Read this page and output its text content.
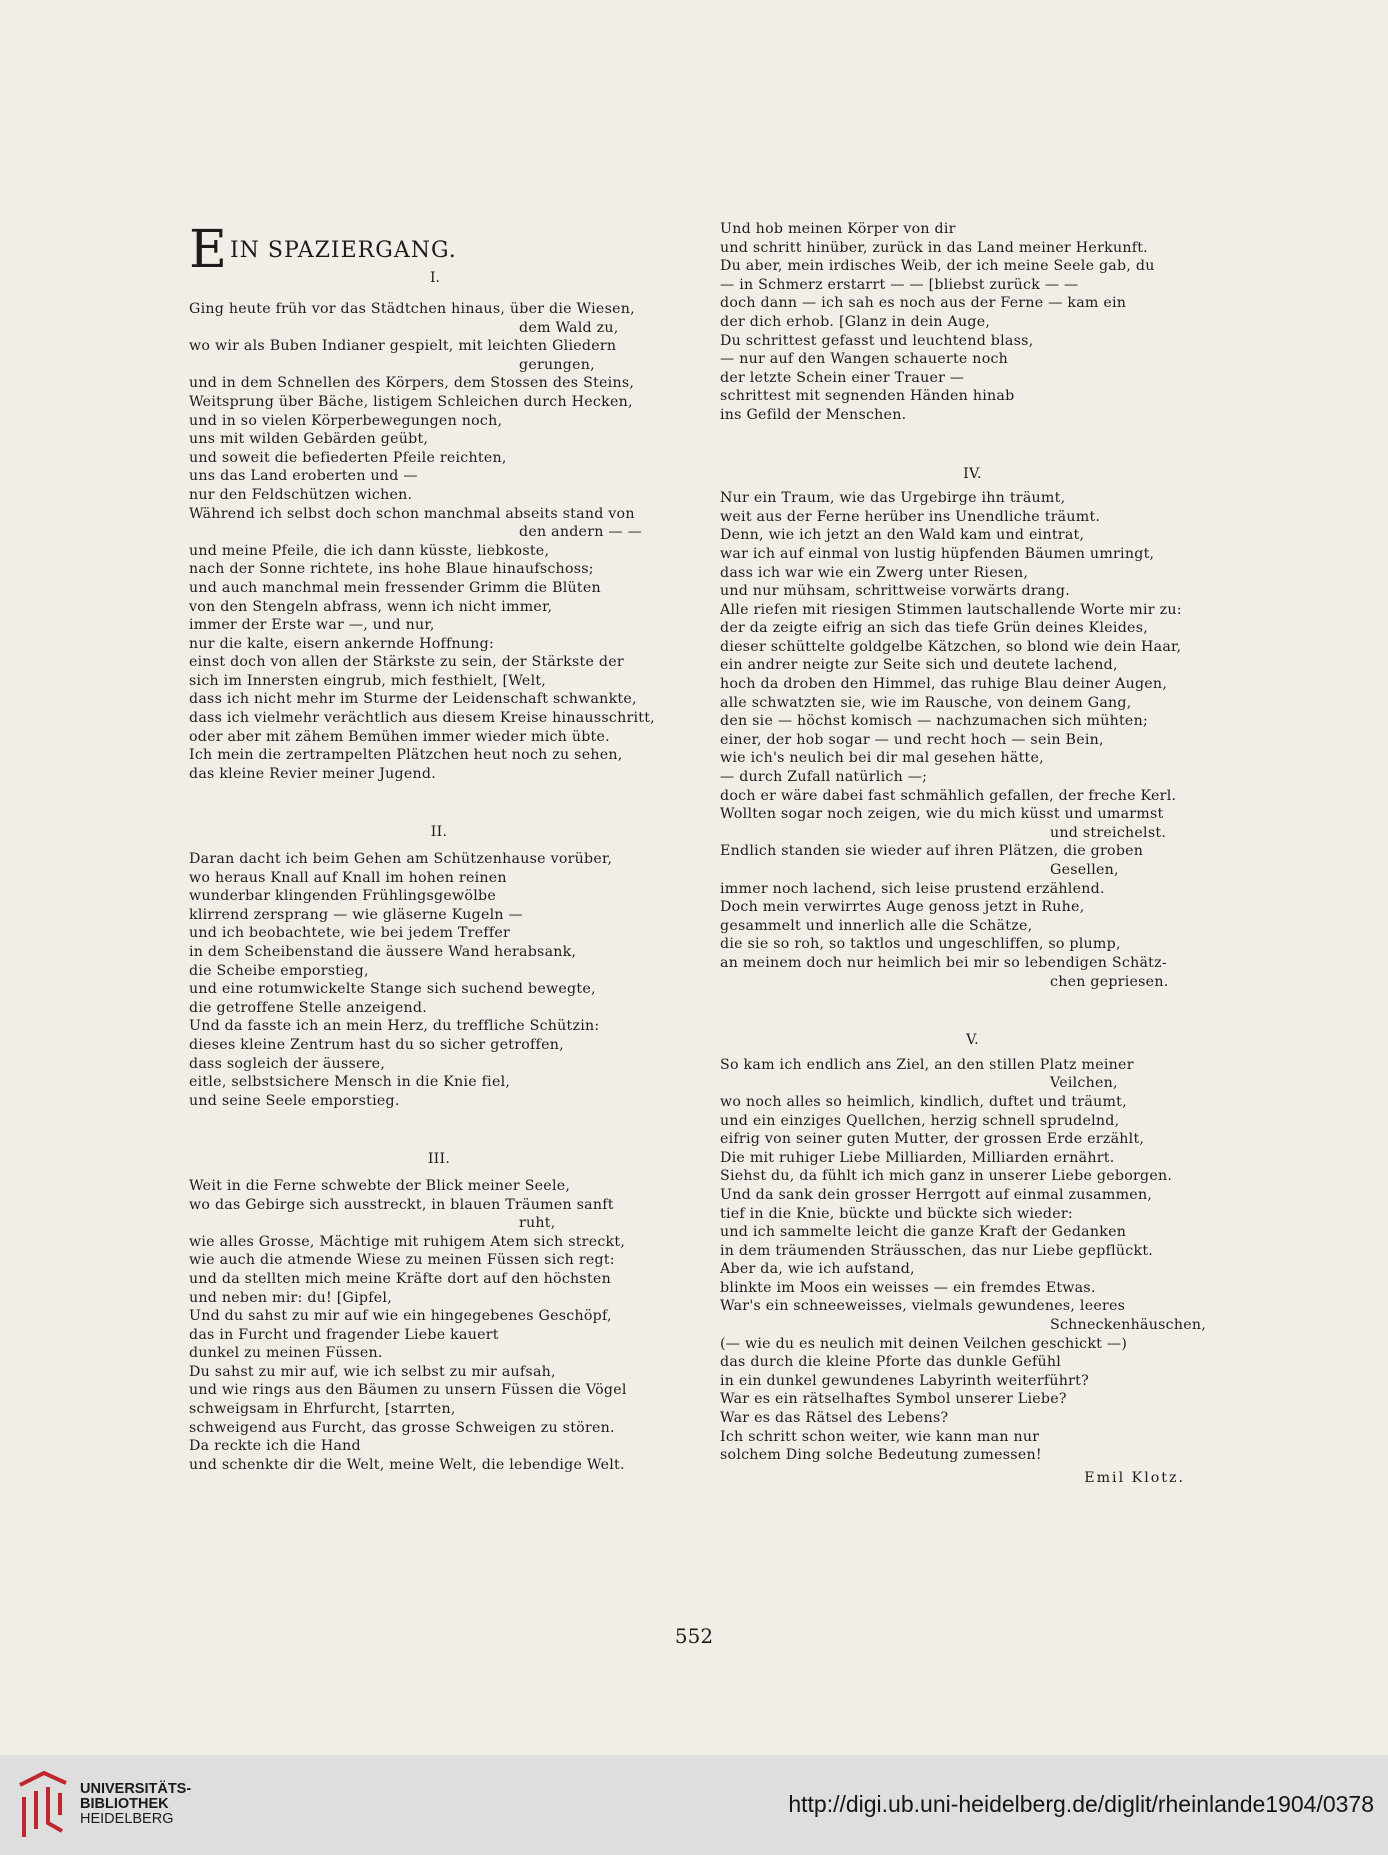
EIN SPAZIERGANG.
I.
Ging heute früh vor das Städtchen hinaus, über die Wiesen,
dem Wald zu,
wo wir als Buben Indianer gespielt, mit leichten Gliedern
gerungen,
und in dem Schnellen des Körpers, dem Stossen des Steins,
Weitsprung über Bäche, listigem Schleichen durch Hecken,
und in so vielen Körperbewegungen noch,
uns mit wilden Gebärden geübt,
und soweit die befiederten Pfeile reichten,
uns das Land eroberten und —
nur den Feldschützen wichen.
Während ich selbst doch schon manchmal abseits stand von
den andern — —
und meine Pfeile, die ich dann küsste, liebkoste,
nach der Sonne richtete, ins hohe Blaue hinaufschoss;
und auch manchmal mein fressender Grimm die Blüten
von den Stengeln abfrass, wenn ich nicht immer,
immer der Erste war —, und nur,
nur die kalte, eisern ankernde Hoffnung:
einst doch von allen der Stärkste zu sein, der Stärkste der
sich im Innersten eingrub, mich festhielt, [Welt,
dass ich nicht mehr im Sturme der Leidenschaft schwankte,
dass ich vielmehr verächtlich aus diesem Kreise hinausschritt,
oder aber mit zähem Bemühen immer wieder mich übte.
Ich mein die zertrampelten Plätzchen heut noch zu sehen,
das kleine Revier meiner Jugend.
II.
Daran dacht ich beim Gehen am Schützenhause vorüber,
wo heraus Knall auf Knall im hohen reinen
wunderbar klingenden Frühlingsgewölbe
klirrend zersprang — wie gläserne Kugeln —
und ich beobachtete, wie bei jedem Treffer
in dem Scheibenstand die äussere Wand herabsank,
die Scheibe emporstieg,
und eine rotumwickelte Stange sich suchend bewegte,
die getroffene Stelle anzeigend.
Und da fasste ich an mein Herz, du treffliche Schützin:
dieses kleine Zentrum hast du so sicher getroffen,
dass sogleich der äussere,
eitle, selbstsichere Mensch in die Knie fiel,
und seine Seele emporstieg.
III.
Weit in die Ferne schwebte der Blick meiner Seele,
wo das Gebirge sich ausstreckt, in blauen Träumen sanft
ruht,
wie alles Grosse, Mächtige mit ruhigem Atem sich streckt,
wie auch die atmende Wiese zu meinen Füssen sich regt:
und da stellten mich meine Kräfte dort auf den höchsten
und neben mir: du! [Gipfel,
Und du sahst zu mir auf wie ein hingegebenes Geschöpf,
das in Furcht und fragender Liebe kauert
dunkel zu meinen Füssen.
Du sahst zu mir auf, wie ich selbst zu mir aufsah,
und wie rings aus den Bäumen zu unsern Füssen die Vögel
schweigsam in Ehrfurcht, [starrten,
schweigend aus Furcht, das grosse Schweigen zu stören.
Da reckte ich die Hand
und schenkte dir die Welt, meine Welt, die lebendige Welt.
Und hob meinen Körper von dir
und schritt hinüber, zurück in das Land meiner Herkunft.
Du aber, mein irdisches Weib, der ich meine Seele gab, du
— in Schmerz erstarrt — — [bliebst zurück — —
doch dann — ich sah es noch aus der Ferne — kam ein
der dich erhob. [Glanz in dein Auge,
Du schrittest gefasst und leuchtend blass,
— nur auf den Wangen schauerte noch
der letzte Schein einer Trauer —
schrittest mit segnenden Händen hinab
ins Gefild der Menschen.
IV.
Nur ein Traum, wie das Urgebirge ihn träumt,
weit aus der Ferne herüber ins Unendliche träumt.
Denn, wie ich jetzt an den Wald kam und eintrat,
war ich auf einmal von lustig hüpfenden Bäumen umringt,
dass ich war wie ein Zwerg unter Riesen,
und nur mühsam, schrittweise vorwärts drang.
Alle riefen mit riesigen Stimmen lautschallende Worte mir zu:
der da zeigte eifrig an sich das tiefe Grün deines Kleides,
dieser schüttelte goldgelbe Kätzchen, so blond wie dein Haar,
ein andrer neigte zur Seite sich und deutete lachend,
hoch da droben den Himmel, das ruhige Blau deiner Augen,
alle schwatzten sie, wie im Rausche, von deinem Gang,
den sie — höchst komisch — nachzumachen sich mühten;
einer, der hob sogar — und recht hoch — sein Bein,
wie ich's neulich bei dir mal gesehen hätte,
— durch Zufall natürlich —;
doch er wäre dabei fast schmählich gefallen, der freche Kerl.
Wollten sogar noch zeigen, wie du mich küsst und umarmst
und streichelst.
Endlich standen sie wieder auf ihren Plätzen, die groben
Gesellen,
immer noch lachend, sich leise prustend erzählend.
Doch mein verwirrtes Auge genoss jetzt in Ruhe,
gesammelt und innerlich alle die Schätze,
die sie so roh, so taktlos und ungeschliffen, so plump,
an meinem doch nur heimlich bei mir so lebendigen Schätz-
chen gepriesen.
V.
So kam ich endlich ans Ziel, an den stillen Platz meiner
Veilchen,
wo noch alles so heimlich, kindlich, duftet und träumt,
und ein einziges Quellchen, herzig schnell sprudelnd,
eifrig von seiner guten Mutter, der grossen Erde erzählt,
Die mit ruhiger Liebe Milliarden, Milliarden ernährt.
Siehst du, da fühlt ich mich ganz in unserer Liebe geborgen.
Und da sank dein grosser Herrgott auf einmal zusammen,
tief in die Knie, bückte und bückte sich wieder:
und ich sammelte leicht die ganze Kraft der Gedanken
in dem träumenden Sträusschen, das nur Liebe gepflückt.
Aber da, wie ich aufstand,
blinkte im Moos ein weisses — ein fremdes Etwas.
War's ein schneeweisses, vielmals gewundenes, leeres
Schneckenhäuschen,
(— wie du es neulich mit deinen Veilchen geschickt —)
das durch die kleine Pforte das dunkle Gefühl
in ein dunkel gewundenes Labyrinth weiterführt?
War es ein rätselhaftes Symbol unserer Liebe?
War es das Rätsel des Lebens?
Ich schritt schon weiter, wie kann man nur
solchem Ding solche Bedeutung zumessen!
Emil Klotz.
552
UNIVERSITÄTS-
BIBLIOTHEK
HEIDELBERG
http://digi.ub.uni-heidelberg.de/diglit/rheinlande1904/0378
